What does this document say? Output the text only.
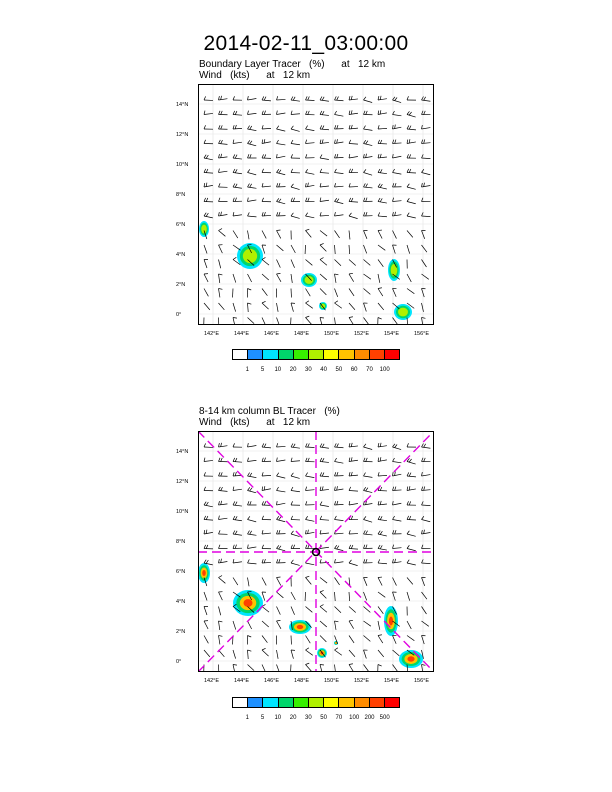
2014-02-11_03:00:00
Boundary Layer Tracer   (%)      at   12 km
Wind   (kts)      at   12 km
14°N
12°N
10°N
8°N
6°N
4°N
2°N
0°
142°E	144°E	146°E	148°E	150°E	152°E	154°E	156°E
1 5 10 20 30 40 50 60 70 100
8-14 km column BL Tracer   (%)
Wind   (kts)      at   12 km
14°N
12°N
10°N
8°N
6°N
4°N
2°N
0°
142°E	144°E	146°E	148°E	150°E	152°E	154°E	156°E
1 5 10 20 30 50 70 100 200 500
